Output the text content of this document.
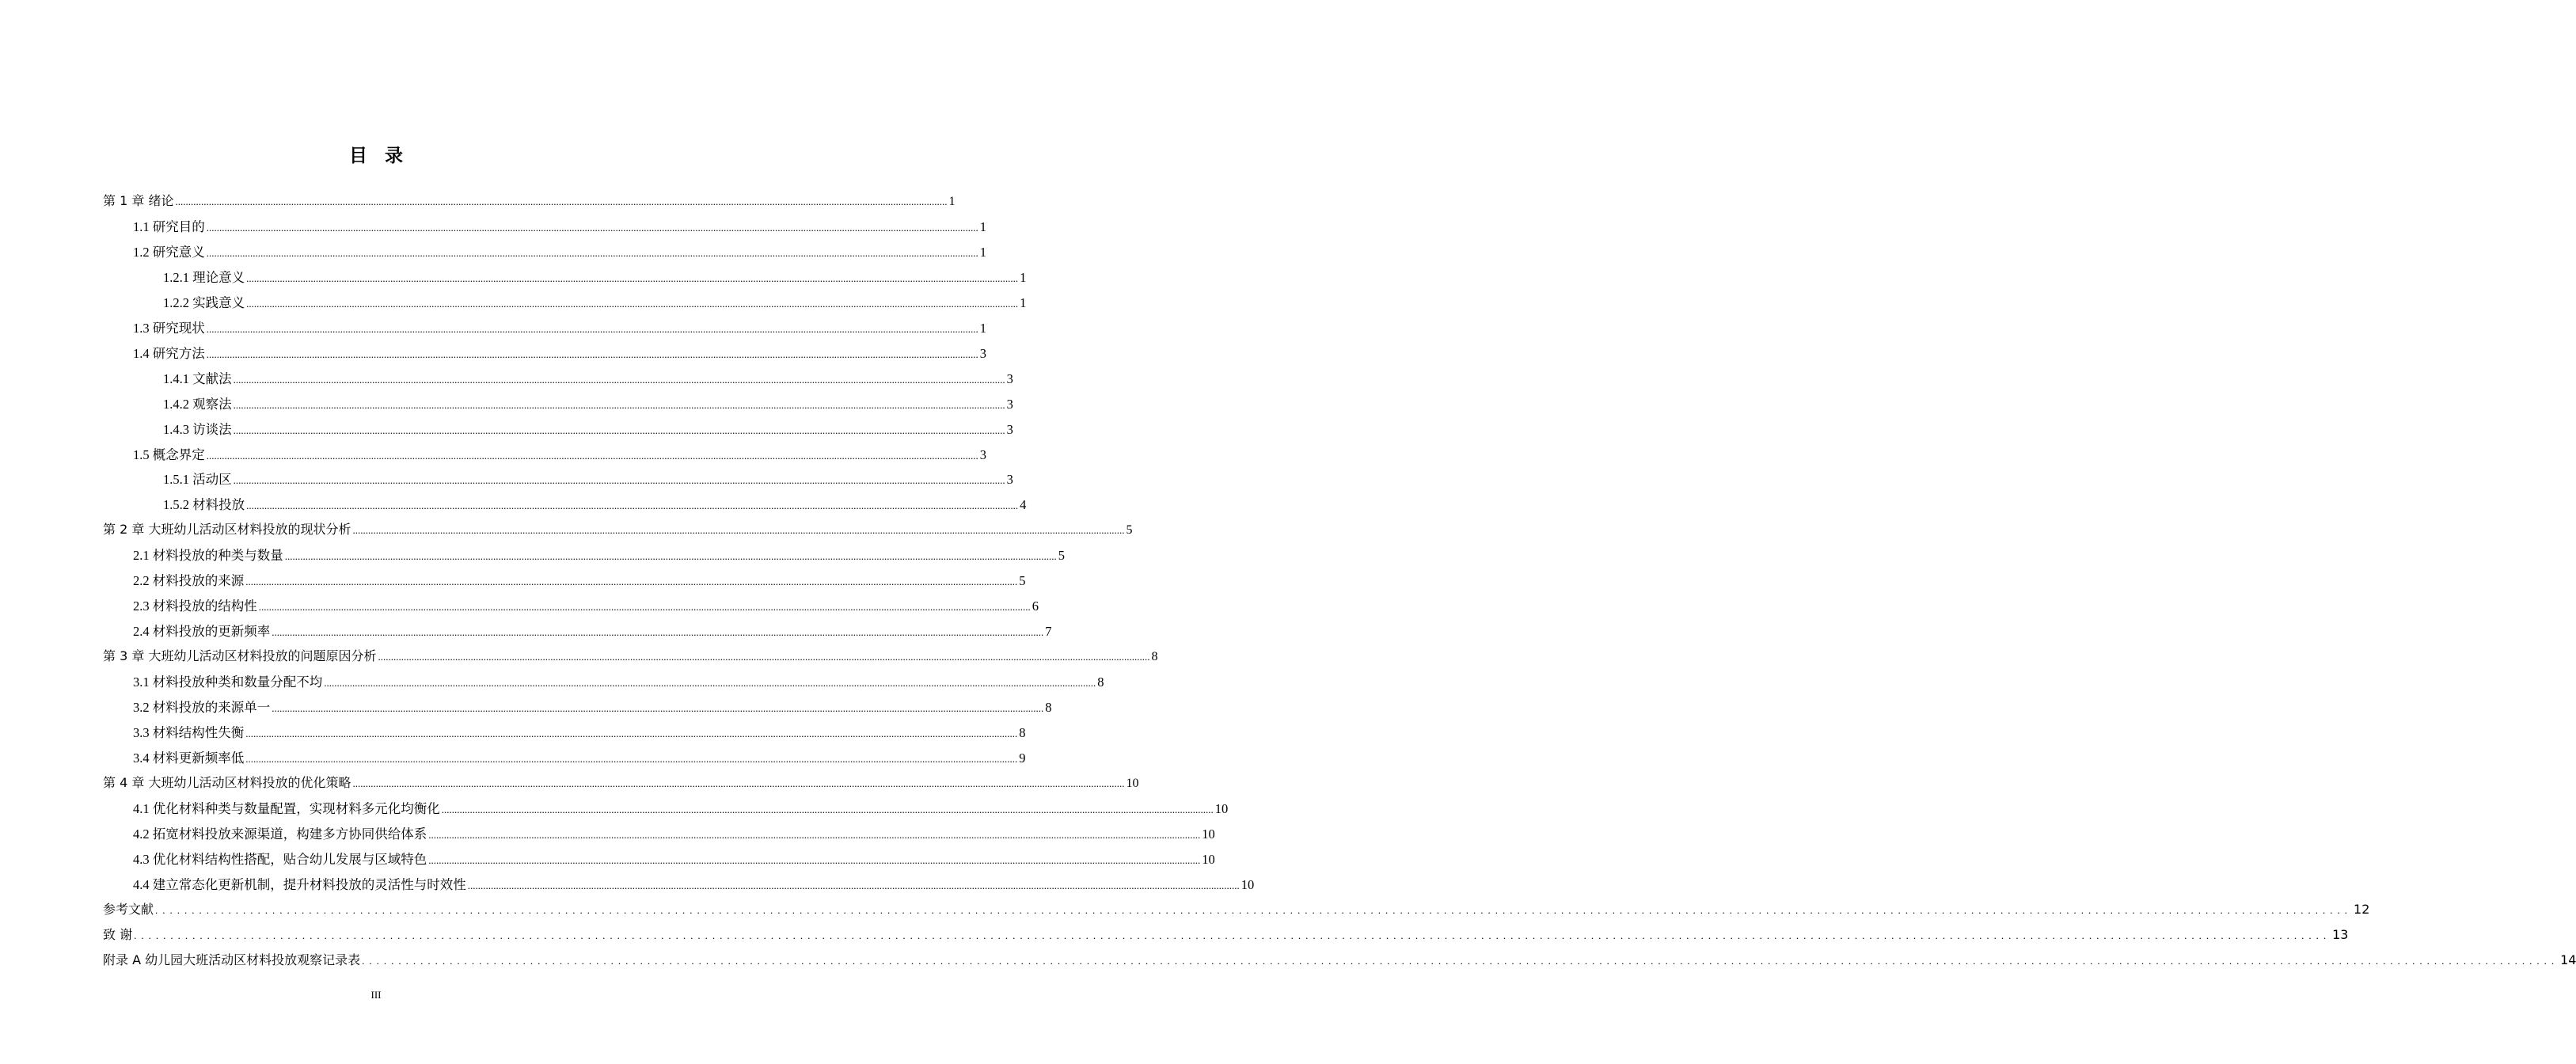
目录
第 1 章 绪论 ............................................................................................................................................................................................................................................................................................................ 1
1.1 研究目的 ............................................................................................................................................................................................................................................................................................................ 1
1.2 研究意义 ............................................................................................................................................................................................................................................................................................................ 1
1.2.1 理论意义 ............................................................................................................................................................................................................................................................................................................ 1
1.2.2 实践意义 ............................................................................................................................................................................................................................................................................................................ 1
1.3 研究现状 ............................................................................................................................................................................................................................................................................................................ 1
1.4 研究方法 ............................................................................................................................................................................................................................................................................................................ 3
1.4.1 文献法 ............................................................................................................................................................................................................................................................................................................ 3
1.4.2 观察法 ............................................................................................................................................................................................................................................................................................................ 3
1.4.3 访谈法 ............................................................................................................................................................................................................................................................................................................ 3
1.5 概念界定 ............................................................................................................................................................................................................................................................................................................ 3
1.5.1 活动区 ............................................................................................................................................................................................................................................................................................................ 3
1.5.2 材料投放 ............................................................................................................................................................................................................................................................................................................ 4
第 2 章 大班幼儿活动区材料投放的现状分析 ............................................................................................................................................................................................................................................................................................................ 5
2.1 材料投放的种类与数量 ............................................................................................................................................................................................................................................................................................................ 5
2.2 材料投放的来源 ............................................................................................................................................................................................................................................................................................................ 5
2.3 材料投放的结构性 ............................................................................................................................................................................................................................................................................................................ 6
2.4 材料投放的更新频率 ............................................................................................................................................................................................................................................................................................................ 7
第 3 章 大班幼儿活动区材料投放的问题原因分析 ............................................................................................................................................................................................................................................................................................................ 8
3.1 材料投放种类和数量分配不均 ............................................................................................................................................................................................................................................................................................................ 8
3.2 材料投放的来源单一 ............................................................................................................................................................................................................................................................................................................ 8
3.3 材料结构性失衡 ............................................................................................................................................................................................................................................................................................................ 8
3.4 材料更新频率低 ............................................................................................................................................................................................................................................................................................................ 9
第 4 章 大班幼儿活动区材料投放的优化策略 ............................................................................................................................................................................................................................................................................................................ 10
4.1 优化材料种类与数量配置，实现材料多元化均衡化 ............................................................................................................................................................................................................................................................................................................ 10
4.2 拓宽材料投放来源渠道，构建多方协同供给体系 ............................................................................................................................................................................................................................................................................................................ 10
4.3 优化材料结构性搭配，贴合幼儿发展与区域特色 ............................................................................................................................................................................................................................................................................................................ 10
4.4 建立常态化更新机制，提升材料投放的灵活性与时效性 ............................................................................................................................................................................................................................................................................................................ 10
参考文献 ............................................................................................................................................................................................................................................................................................................ 12
致 谢 ............................................................................................................................................................................................................................................................................................................ 13
附录 A 幼儿园大班活动区材料投放观察记录表 ............................................................................................................................................................................................................................................................................................................ 14
III
